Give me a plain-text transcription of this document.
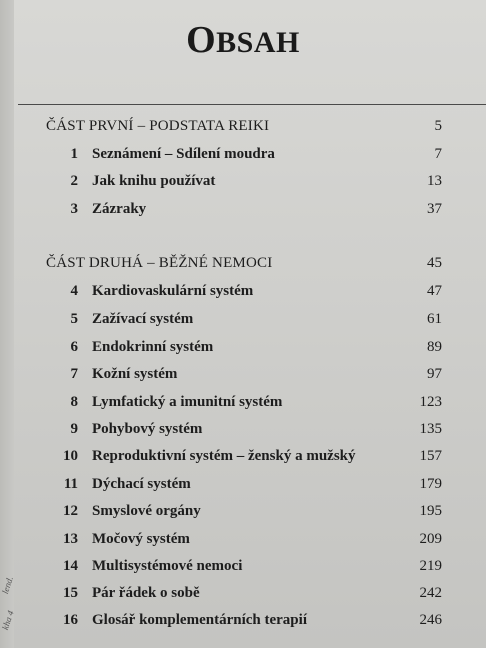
lend.
kha 4
OBSAH
ČÁST PRVNÍ – PODSTATA REIKI	5
1 Seznámení – Sdílení moudra	7
2 Jak knihu používat	13
3 Zázraky	37
ČÁST DRUHÁ – BĚŽNÉ NEMOCI	45
4 Kardiovaskulární systém	47
5 Zažívací systém	61
6 Endokrinní systém	89
7 Kožní systém	97
8 Lymfatický a imunitní systém	123
9 Pohybový systém	135
10 Reproduktivní systém – ženský a mužský	157
11 Dýchací systém	179
12 Smyslové orgány	195
13 Močový systém	209
14 Multisystémové nemoci	219
15 Pár řádek o sobě	242
16 Glosář komplementárních terapií	246
